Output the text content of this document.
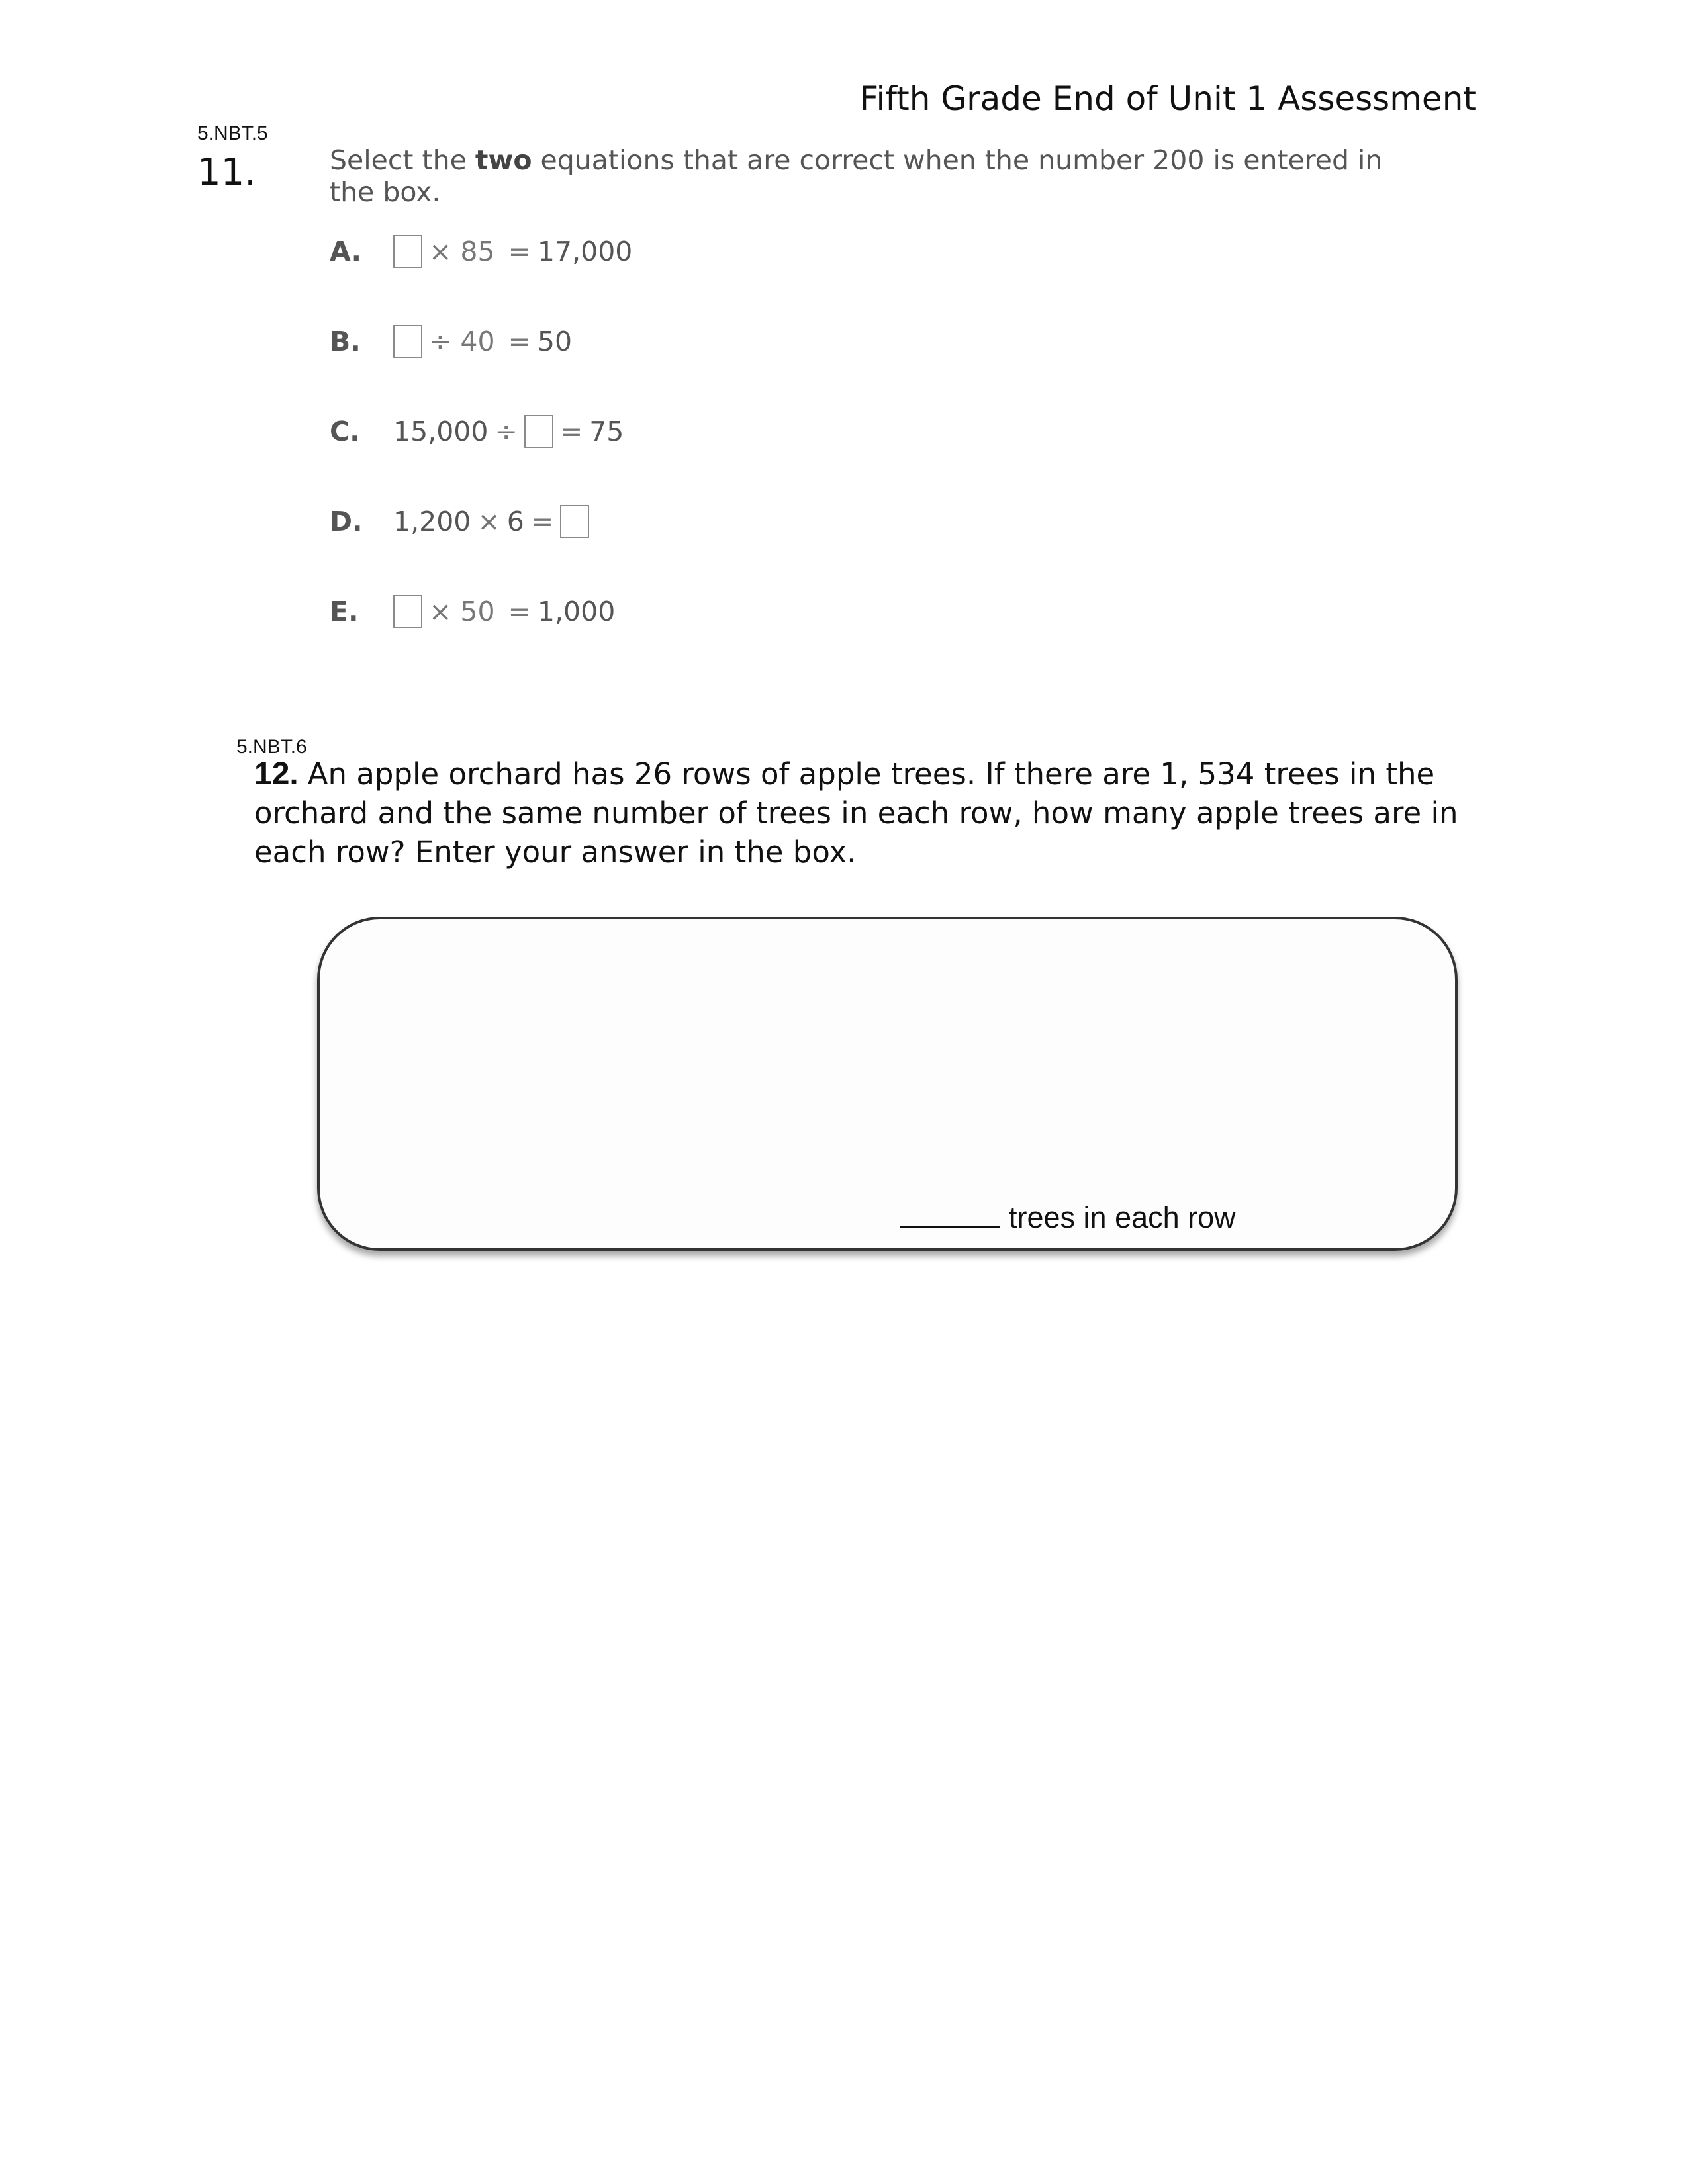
Fifth Grade End of Unit 1 Assessment
5.NBT.5
11.	Select the two equations that are correct when the number 200 is entered in the box.
A.	× 85 = 17,000
B.	÷ 40 = 50
C.	15,000 ÷ = 75
D.	1,200 × 6 =
E.	× 50 = 1,000
5.NBT.6
12. An apple orchard has 26 rows of apple trees. If there are 1, 534 trees in the orchard and the same number of trees in each row, how many apple trees are in each row? Enter your answer in the box.
trees in each row
